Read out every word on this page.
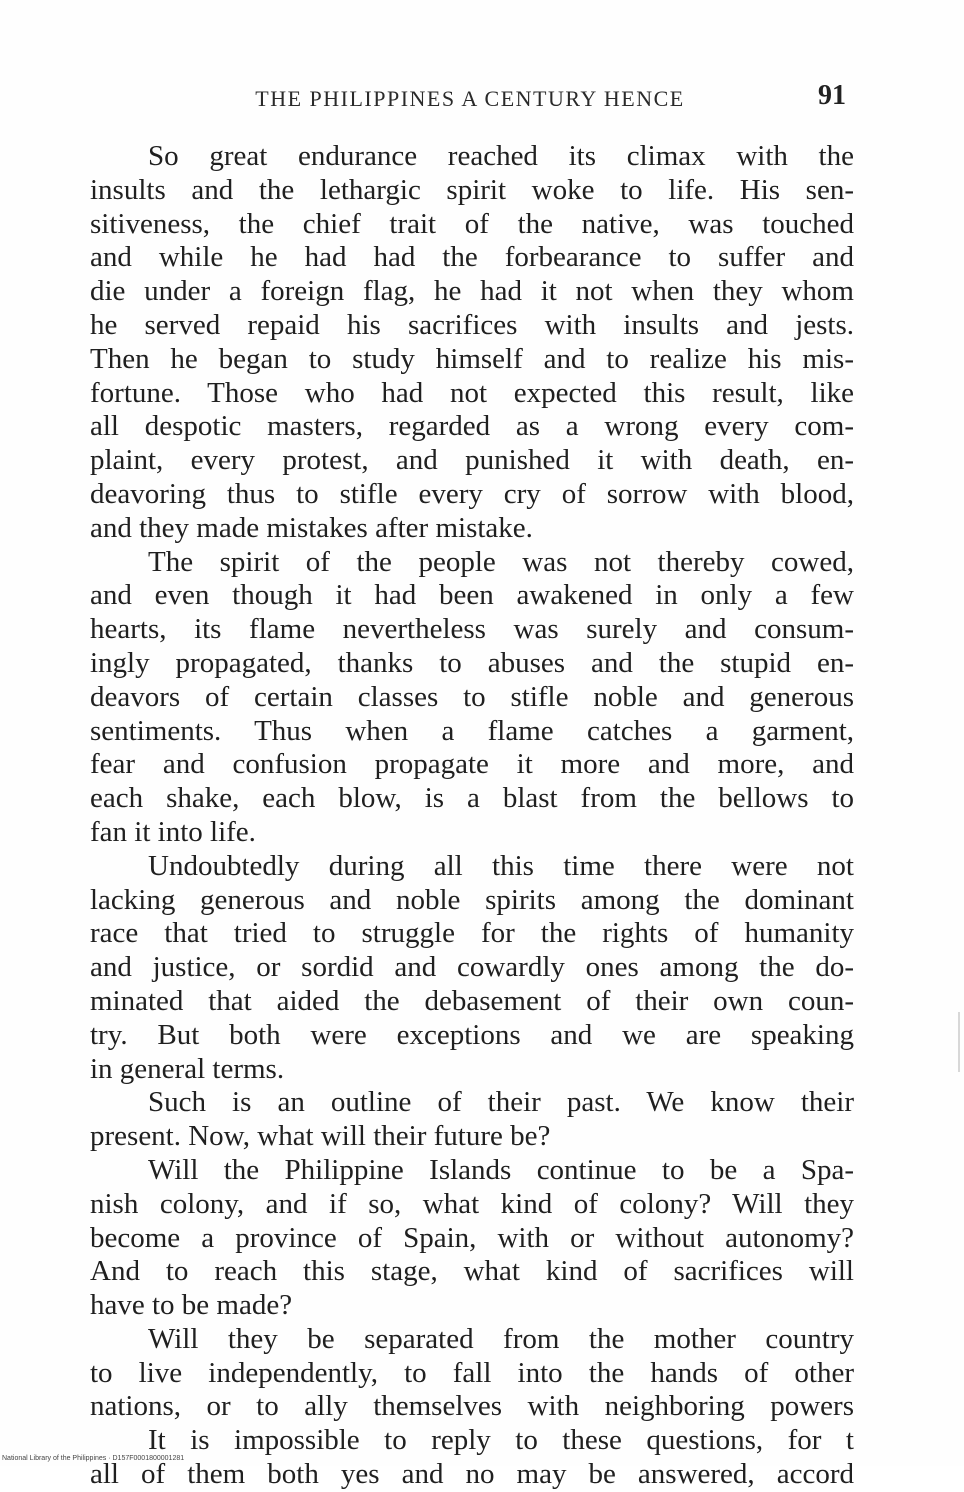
THE PHILIPPINES A CENTURY HENCE	91
So great endurance reached its climax with the
insults and the lethargic spirit woke to life. His sen-
sitiveness, the chief trait of the native, was touched
and while he had had the forbearance to suffer and
die under a foreign flag, he had it not when they whom
he served repaid his sacrifices with insults and jests.
Then he began to study himself and to realize his mis-
fortune. Those who had not expected this result, like
all despotic masters, regarded as a wrong every com-
plaint, every protest, and punished it with death, en-
deavoring thus to stifle every cry of sorrow with blood,
and they made mistakes after mistake.
The spirit of the people was not thereby cowed,
and even though it had been awakened in only a few
hearts, its flame nevertheless was surely and consum-
ingly propagated, thanks to abuses and the stupid en-
deavors of certain classes to stifle noble and generous
sentiments. Thus when a flame catches a garment,
fear and confusion propagate it more and more, and
each shake, each blow, is a blast from the bellows to
fan it into life.
Undoubtedly during all this time there were not
lacking generous and noble spirits among the dominant
race that tried to struggle for the rights of humanity
and justice, or sordid and cowardly ones among the do-
minated that aided the debasement of their own coun-
try. But both were exceptions and we are speaking
in general terms.
Such is an outline of their past. We know their
present. Now, what will their future be?
Will the Philippine Islands continue to be a Spa-
nish colony, and if so, what kind of colony? Will they
become a province of Spain, with or without autonomy?
And to reach this stage, what kind of sacrifices will
have to be made?
Will they be separated from the mother country
to live independently, to fall into the hands of other
nations, or to ally themselves with neighboring powers
It is impossible to reply to these questions, for t
all of them both yes and no may be answered, accord
National Library of the Philippines · D157F0001800001281
